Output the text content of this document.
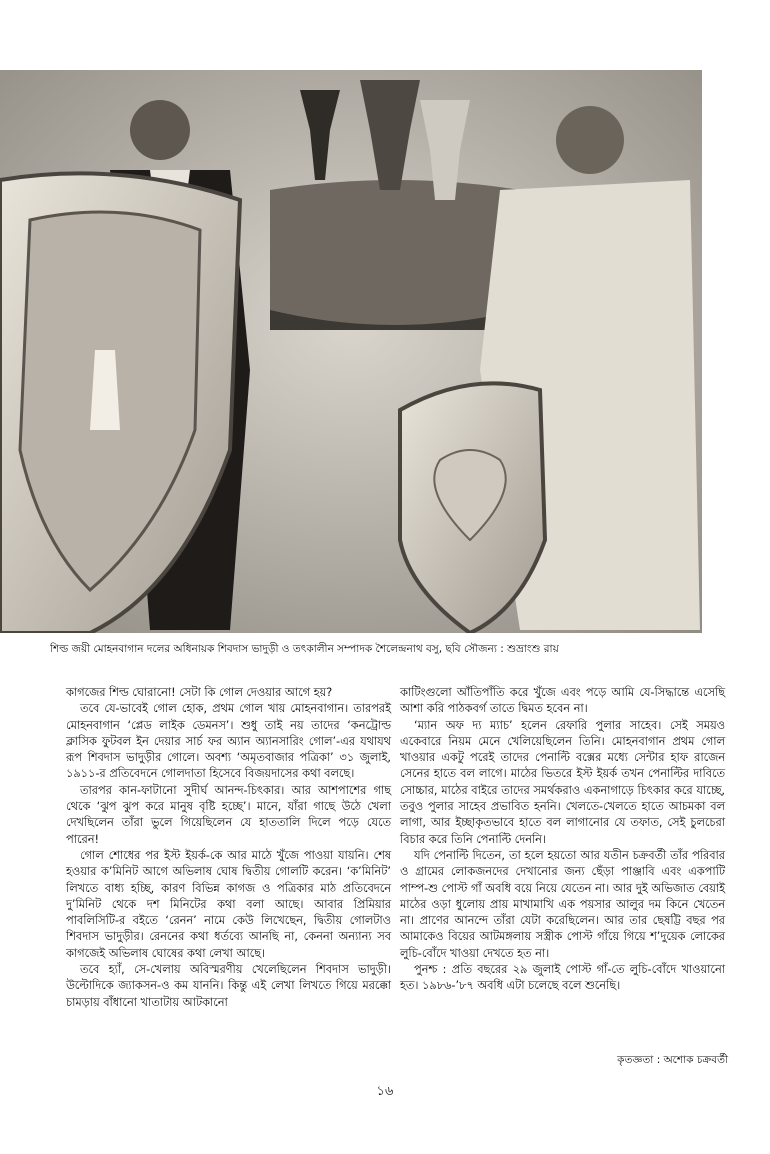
শিল্ড জয়ী মোহনবাগান দলের অধিনায়ক শিবদাস ভাদুড়ী ও তৎকালীন সম্পাদক শৈলেন্দ্রনাথ বসু, ছবি সৌজন্য : শুভ্রাংশু রায়

কাগজের শিল্ড ঘোরানো! সেটা কি গোল দেওয়ার আগে হয়?

তবে যে-ভাবেই গোল হোক, প্রথম গোল খায় মোহনবাগান। তারপরই মোহনবাগান ‘প্লেড লাইক ডেমনস’। শুধু তাই নয় তাদের ‘কনট্রোল্ড ক্লাসিক ফুটবল ইন দেয়ার সার্চ ফর অ্যান অ্যানসারিং গোল’-এর যথাযথ রূপ শিবদাস ভাদুড়ীর গোলে। অবশ্য ‘অমৃতবাজার পত্রিকা’ ৩১ জুলাই, ১৯১১-র প্রতিবেদনে গোলদাতা হিসেবে বিজয়দাসের কথা বলছে।

তারপর কান-ফাটানো সুদীর্ঘ আনন্দ-চিৎকার। আর আশপাশের গাছ থেকে ‘ঝুপ ঝুপ করে মানুষ বৃষ্টি হচ্ছে’। মানে, যাঁরা গাছে উঠে খেলা দেখছিলেন তাঁরা ভুলে গিয়েছিলেন যে হাততালি দিলে পড়ে যেতে পারেন!

গোল শোধের পর ইস্ট ইয়র্ক-কে আর মাঠে খুঁজে পাওয়া যায়নি। শেষ হওয়ার ক’মিনিট আগে অভিলাষ ঘোষ দ্বিতীয় গোলটি করেন। ‘ক’মিনিট’ লিখতে বাধ্য হচ্ছি, কারণ বিভিন্ন কাগজ ও পত্রিকার মাঠ প্রতিবেদনে দু’মিনিট থেকে দশ মিনিটের কথা বলা আছে। আবার প্রিমিয়ার পাবলিসিটি-র বইতে ‘রেনন’ নামে কেউ লিখেছেন, দ্বিতীয় গোলটাও শিবদাস ভাদুড়ীর। রেননের কথা ধর্তব্যে আনছি না, কেননা অন্যান্য সব কাগজেই অভিলাষ ঘোষের কথা লেখা আছে।

তবে হ্যাঁ, সে-খেলায় অবিস্মরণীয় খেলেছিলেন শিবদাস ভাদুড়ী। উল্টোদিকে জ্যাকসন-ও কম যাননি। কিন্তু এই লেখা লিখতে গিয়ে মরক্কো চামড়ায় বাঁধানো খাতাটায় আটকানো

কাটিংগুলো আঁতিপাঁতি করে খুঁজে এবং পড়ে আমি যে-সিদ্ধান্তে এসেছি আশা করি পাঠকবর্গ তাতে দ্বিমত হবেন না।

‘ম্যান অফ দ্য ম্যাচ’ হলেন রেফারি পুলার সাহেব। সেই সময়ও একেবারে নিয়ম মেনে খেলিয়েছিলেন তিনি। মোহনবাগান প্রথম গোল খাওয়ার একটু পরেই তাদের পেনাল্টি বক্সের মধ্যে সেন্টার হাফ রাজেন সেনের হাতে বল লাগে। মাঠের ভিতরে ইস্ট ইয়র্ক তখন পেনাল্টির দাবিতে সোচ্চার, মাঠের বাইরে তাদের সমর্থকরাও একনাগাড়ে চিৎকার করে যাচ্ছে, তবুও পুলার সাহেব প্রভাবিত হননি। খেলতে-খেলতে হাতে আচমকা বল লাগা, আর ইচ্ছাকৃতভাবে হাতে বল লাগানোর যে তফাত, সেই চুলচেরা বিচার করে তিনি পেনাল্টি দেননি।

যদি পেনাল্টি দিতেন, তা হলে হয়তো আর যতীন চক্রবর্তী তাঁর পরিবার ও গ্রামের লোকজনদের দেখানোর জন্য ছেঁড়া পাঞ্জাবি এবং একপাটি পাম্প-শু পোস্ট গাঁ অবধি বয়ে নিয়ে যেতেন না। আর দুই অভিজাত বেয়াই মাঠের ওড়া ধুলোয় প্রায় মাখামাখি এক পয়সার আলুর দম কিনে খেতেন না। প্রাণের আনন্দে তাঁরা যেটা করেছিলেন। আর তার ছেষট্টি বছর পর আমাকেও বিয়ের আটমঙ্গলায় সস্ত্রীক পোস্ট গাঁয়ে গিয়ে শ’দুয়েক লোকের লুচি-বোঁদে খাওয়া দেখতে হত না।

পুনশ্চ : প্রতি বছরের ২৯ জুলাই পোস্ট গাঁ-তে লুচি-বোঁদে খাওয়ানো হত। ১৯৮৬-’৮৭ অবধি এটা চলেছে বলে শুনেছি।

কৃতজ্ঞতা : অশোক চক্রবর্তী
১৬
